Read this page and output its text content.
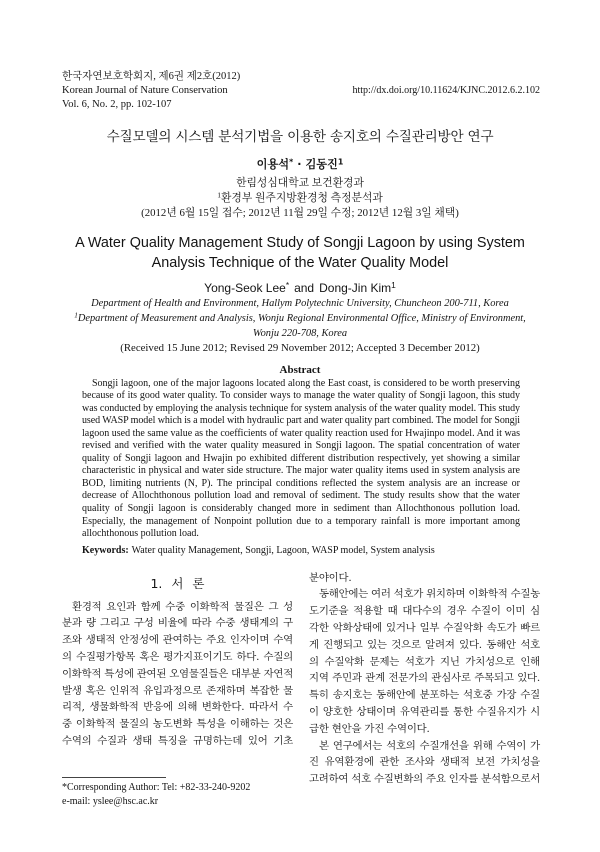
한국자연보호학회지, 제6권 제2호(2012)
Korean Journal of Nature Conservation
Vol. 6, No. 2, pp. 102-107
http://dx.doi.org/10.11624/KJNC.2012.6.2.102
수질모델의 시스템 분석기법을 이용한 송지호의 수질관리방안 연구
이용석* · 김동진$^1$
한림성심대학교 보건환경과
$^1$환경부 원주지방환경청 측정분석과
(2012년 6월 15일 접수; 2012년 11월 29일 수정; 2012년 12월 3일 채택)
A Water Quality Management Study of Songji Lagoon by using System
Analysis Technique of the Water Quality Model
Yong-Seok Lee* and Dong-Jin Kim$^1$
Department of Health and Environment, Hallym Polytechnic University, Chuncheon 200-711, Korea
$^1$Department of Measurement and Analysis, Wonju Regional Environmental Office, Ministry of Environment,
Wonju 220-708, Korea
(Received 15 June 2012; Revised 29 November 2012; Accepted 3 December 2012)
Abstract
Songji lagoon, one of the major lagoons located along the East coast, is considered to be worth preserving
because of its good water quality. To consider ways to manage the water quality of Songji lagoon, this study
was conducted by employing the analysis technique for system analysis of the water quality model. This study
used WASP model which is a model with hydraulic part and water quality part combined. The model for Songji
lagoon used the same value as the coefficients of water quality reaction used for Hwajinpo model. And it was
revised and verified with the water quality measured in Songji lagoon. The spatial concentration of water
quality of Songji lagoon and Hwajin po exhibited different distribution respectively, yet showing a similar
characteristic in physical and water side structure. The major water quality items used in system analysis are
BOD, limiting nutrients (N, P). The principal conditions reflected the system analysis are an increase or
decrease of Allochthonous pollution load and removal of sediment. The study results show that the water
quality of Songji lagoon is considerably changed more in sediment than Allochthonous pollution load.
Especially, the management of Nonpoint pollution due to a temporary rainfall is more important among
allochthonous pollution load.
Keywords: Water quality Management, Songji, Lagoon, WASP model, System analysis
1. 서 론
환경적 요인과 함께 수중 이화학적 물질은 그 성
분과 량 그리고 구성 비율에 따라 수중 생태계의 구
조와 생태적 안정성에 관여하는 주요 인자이며 수역
의 수질평가항목 혹은 평가지표이기도 하다. 수질의
이화학적 특성에 관여된 오염물질들은 대부분 자연적
발생 혹은 인위적 유입과정으로 존재하며 복잡한 물
리적, 생물화학적 반응에 의해 변화한다. 따라서 수
중 이화학적 물질의 농도변화 특성을 이해하는 것은
수역의 수질과 생태 특징을 규명하는데 있어 기초
분야이다.
동해안에는 여러 석호가 위치하며 이화학적 수질농
도기준을 적용할 때 대다수의 경우 수질이 이미 심
각한 악화상태에 있거나 일부 수질악화 속도가 빠르
게 진행되고 있는 것으로 알려져 있다. 동해안 석호
의 수질악화 문제는 석호가 지닌 가치성으로 인해
지역 주민과 관계 전문가의 관심사로 주목되고 있다.
특히 송지호는 동해안에 분포하는 석호중 가장 수질
이 양호한 상태이며 유역관리를 통한 수질유지가 시
급한 현안을 가진 수역이다.
본 연구에서는 석호의 수질개선을 위해 수역이 가
진 유역환경에 관한 조사와 생태적 보전 가치성을
고려하여 석호 수질변화의 주요 인자를 분석함으로서
*Corresponding Author: Tel: +82-33-240-9202
e-mail: yslee@hsc.ac.kr
